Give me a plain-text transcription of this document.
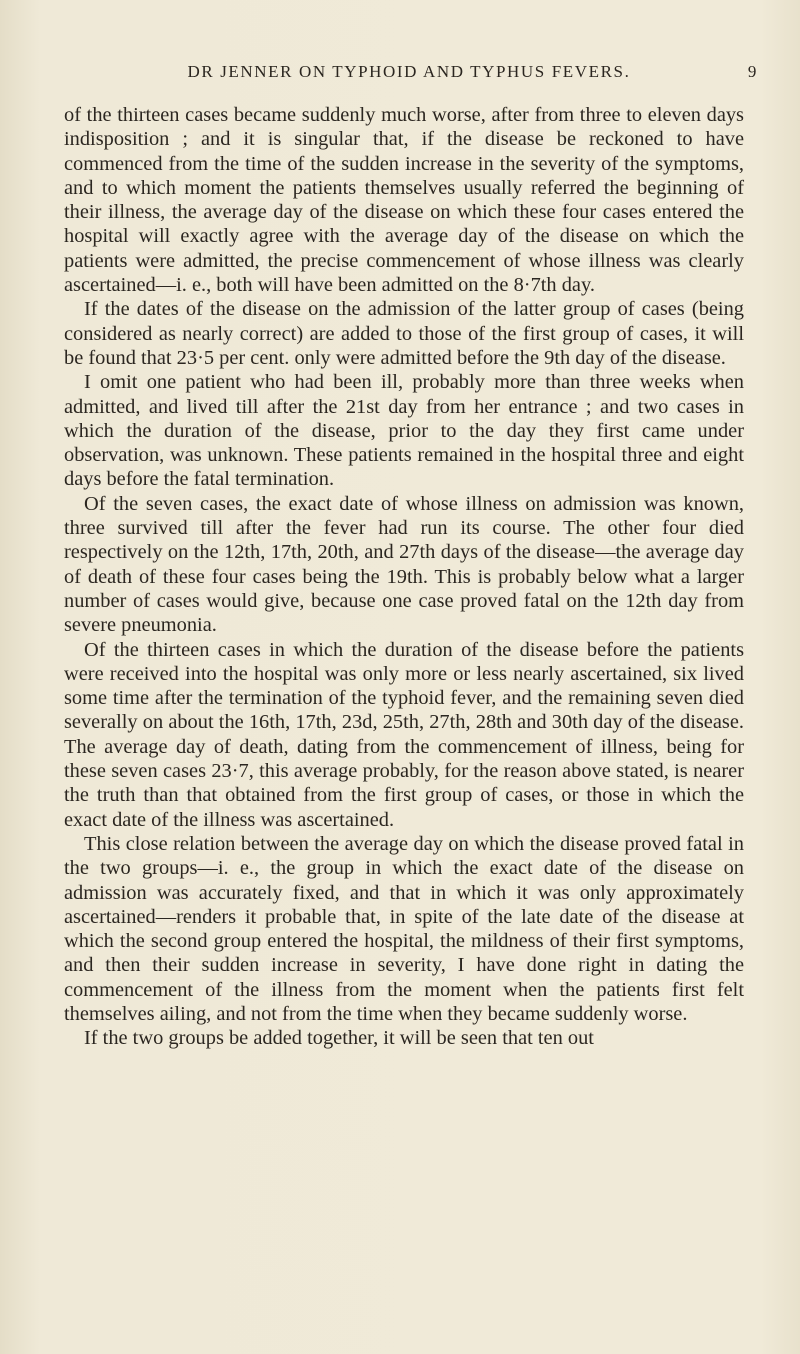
DR JENNER ON TYPHOID AND TYPHUS FEVERS.	9

of the thirteen cases became suddenly much worse, after from three to eleven days indisposition ; and it is singular that, if the disease be reckoned to have commenced from the time of the sudden increase in the severity of the symptoms, and to which moment the patients themselves usually referred the beginning of their illness, the average day of the disease on which these four cases entered the hospital will exactly agree with the average day of the disease on which the patients were admitted, the precise commencement of whose illness was clearly ascertained—i. e., both will have been admitted on the 8·7th day.

If the dates of the disease on the admission of the latter group of cases (being considered as nearly correct) are added to those of the first group of cases, it will be found that 23·5 per cent. only were admitted before the 9th day of the disease.

I omit one patient who had been ill, probably more than three weeks when admitted, and lived till after the 21st day from her entrance ; and two cases in which the duration of the disease, prior to the day they first came under observation, was unknown. These patients remained in the hospital three and eight days before the fatal termination.

Of the seven cases, the exact date of whose illness on admission was known, three survived till after the fever had run its course. The other four died respectively on the 12th, 17th, 20th, and 27th days of the disease—the average day of death of these four cases being the 19th. This is probably below what a larger number of cases would give, because one case proved fatal on the 12th day from severe pneumonia.

Of the thirteen cases in which the duration of the disease before the patients were received into the hospital was only more or less nearly ascertained, six lived some time after the termination of the typhoid fever, and the remaining seven died severally on about the 16th, 17th, 23d, 25th, 27th, 28th and 30th day of the disease. The average day of death, dating from the commencement of illness, being for these seven cases 23·7, this average probably, for the reason above stated, is nearer the truth than that obtained from the first group of cases, or those in which the exact date of the illness was ascertained.

This close relation between the average day on which the disease proved fatal in the two groups—i. e., the group in which the exact date of the disease on admission was accurately fixed, and that in which it was only approximately ascertained—renders it probable that, in spite of the late date of the disease at which the second group entered the hospital, the mildness of their first symptoms, and then their sudden increase in severity, I have done right in dating the commencement of the illness from the moment when the patients first felt themselves ailing, and not from the time when they became suddenly worse.

If the two groups be added together, it will be seen that ten out
